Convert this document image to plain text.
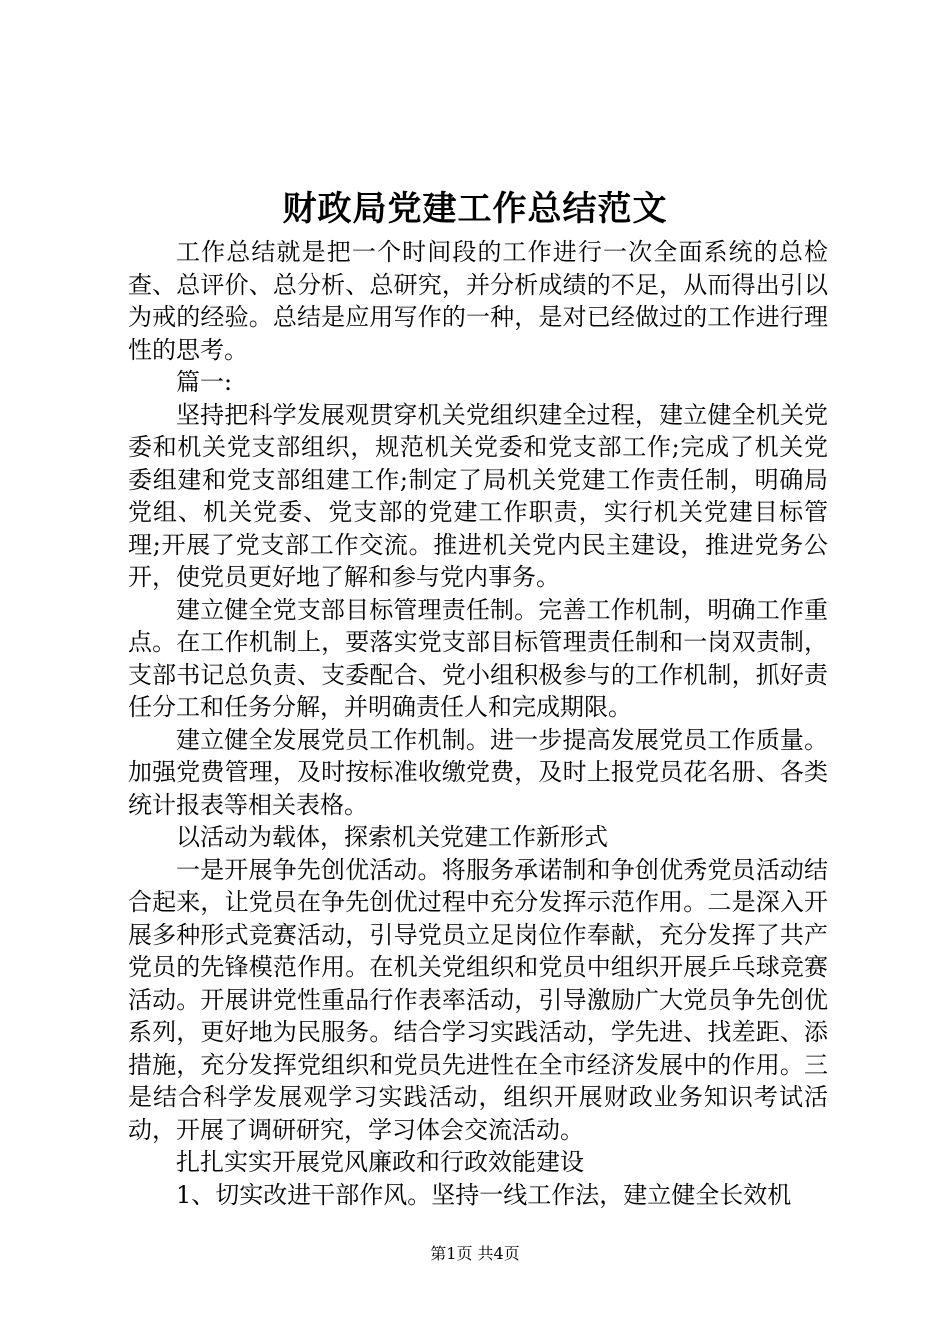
财政局党建工作总结范文

工作总结就是把一个时间段的工作进行一次全面系统的总检查、总评价、总分析、总研究，并分析成绩的不足，从而得出引以为戒的经验。总结是应用写作的一种，是对已经做过的工作进行理性的思考。

篇一:

坚持把科学发展观贯穿机关党组织建全过程，建立健全机关党委和机关党支部组织，规范机关党委和党支部工作;完成了机关党委组建和党支部组建工作;制定了局机关党建工作责任制，明确局党组、机关党委、党支部的党建工作职责，实行机关党建目标管理;开展了党支部工作交流。推进机关党内民主建设，推进党务公开，使党员更好地了解和参与党内事务。

建立健全党支部目标管理责任制。完善工作机制，明确工作重点。在工作机制上，要落实党支部目标管理责任制和一岗双责制，支部书记总负责、支委配合、党小组积极参与的工作机制，抓好责任分工和任务分解，并明确责任人和完成期限。

建立健全发展党员工作机制。进一步提高发展党员工作质量。加强党费管理，及时按标准收缴党费，及时上报党员花名册、各类统计报表等相关表格。

以活动为载体，探索机关党建工作新形式

一是开展争先创优活动。将服务承诺制和争创优秀党员活动结合起来，让党员在争先创优过程中充分发挥示范作用。二是深入开展多种形式竞赛活动，引导党员立足岗位作奉献，充分发挥了共产党员的先锋模范作用。在机关党组织和党员中组织开展乒乓球竞赛活动。开展讲党性重品行作表率活动，引导激励广大党员争先创优系列，更好地为民服务。结合学习实践活动，学先进、找差距、添措施，充分发挥党组织和党员先进性在全市经济发展中的作用。三是结合科学发展观学习实践活动，组织开展财政业务知识考试活动，开展了调研研究，学习体会交流活动。

扎扎实实开展党风廉政和行政效能建设

1、切实改进干部作风。坚持一线工作法，建立健全长效机

第1页 共4页
